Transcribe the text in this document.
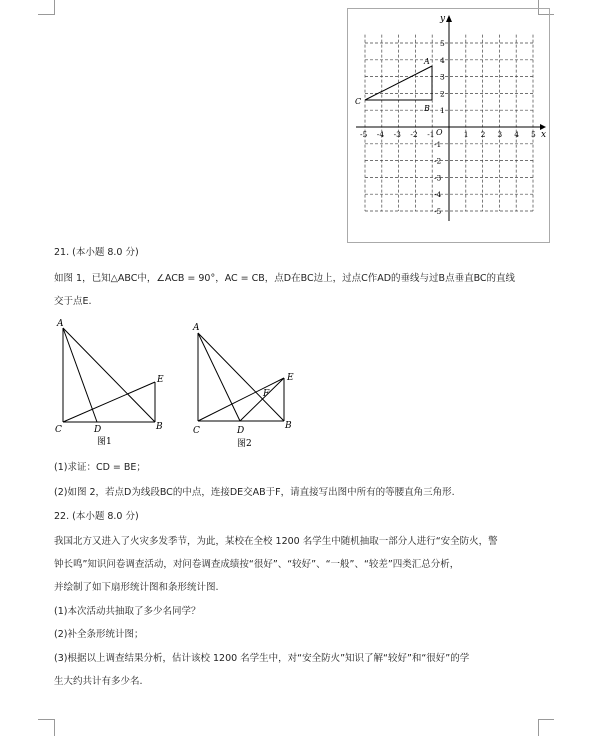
y
x
O
-5 -4 -3 -2 -1	1 2 3 4 5
5
4
3
2
1
-1
-2
-3
-4
-5
A
B
C
21. (本小题 8.0 分)
如图 1，已知△ABC中，∠ACB = 90°，AC = CB，点D在BC边上，过点C作AD的垂线与过B点垂直BC的直线
交于点E.
A
E
C	D	B
图1
A
E
F
C	D	B
图2
(1)求证：CD = BE；
(2)如图 2，若点D为线段BC的中点，连接DE交AB于F，请直接写出图中所有的等腰直角三角形.
22. (本小题 8.0 分)
我国北方又进入了火灾多发季节，为此，某校在全校 1200 名学生中随机抽取一部分人进行“安全防火，警
钟长鸣”知识问卷调查活动，对问卷调查成绩按“很好”、“较好”、“一般”、“较差”四类汇总分析，
并绘制了如下扇形统计图和条形统计图.
(1)本次活动共抽取了多少名同学？
(2)补全条形统计图；
(3)根据以上调查结果分析，估计该校 1200 名学生中，对“安全防火”知识了解“较好”和“很好”的学
生大约共计有多少名.
